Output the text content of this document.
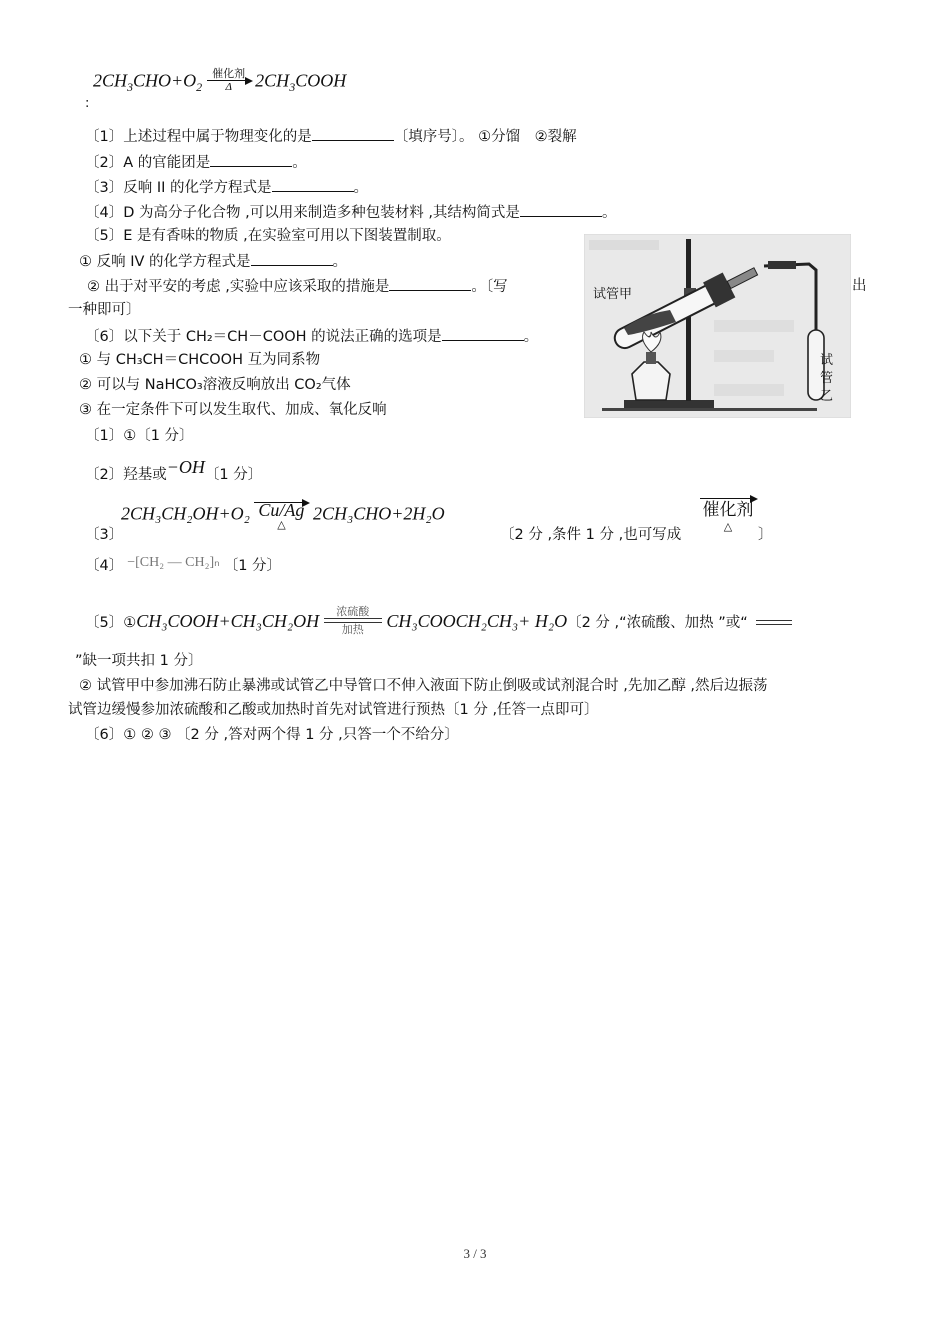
$2CH_3CHO+O_2$
催化剂
Δ	$2CH_3COOH$
:
〔1〕上述过程中属于物理变化的是	〔填序号〕。 ①分馏　②裂解
〔2〕A 的官能团是	。
〔3〕反响 II 的化学方程式是	。
〔4〕D 为高分子化合物 ,可以用来制造多种包装材料 ,其结构简式是	。
〔5〕E 是有香味的物质 ,在实验室可用以下图装置制取。
① 反响 IV 的化学方程式是	。
② 出于对平安的考虑 ,实验中应该采取的措施是	。〔写	出
一种即可〕
〔6〕以下关于 CH₂＝CH－COOH 的说法正确的选项是	。
① 与 CH₃CH＝CHCOOH 互为同系物
② 可以与 NaHCO₃溶液反响放出 CO₂气体
③ 在一定条件下可以发生取代、加成、氧化反响
试管甲
试
管
乙
〔1〕①〔1 分〕
〔2〕羟基或−OH〔1 分〕
〔3〕
2CH₃CH₂OH+O₂ Cu/Ag
△
2CH₃CHO+2H₂O
〔2 分 ,条件 1 分 ,也可写成
催化剂
△
〕
〔4〕 −[CH₂ — CH₂]ₙ 〔1 分〕
〔5〕①CH₃COOH+CH₃CH₂OH	浓硫酸
加热	CH₃COOCH₂CH₃+ H₂O〔2 分 ,“浓硫酸、加热 ”或“
”缺一项共扣 1 分〕
② 试管甲中参加沸石防止暴沸或试管乙中导管口不伸入液面下防止倒吸或试剂混合时 ,先加乙醇 ,然后边振荡
试管边缓慢参加浓硫酸和乙酸或加热时首先对试管进行预热〔1 分 ,任答一点即可〕
〔6〕① ② ③ 〔2 分 ,答对两个得 1 分 ,只答一个不给分〕
3 / 3
